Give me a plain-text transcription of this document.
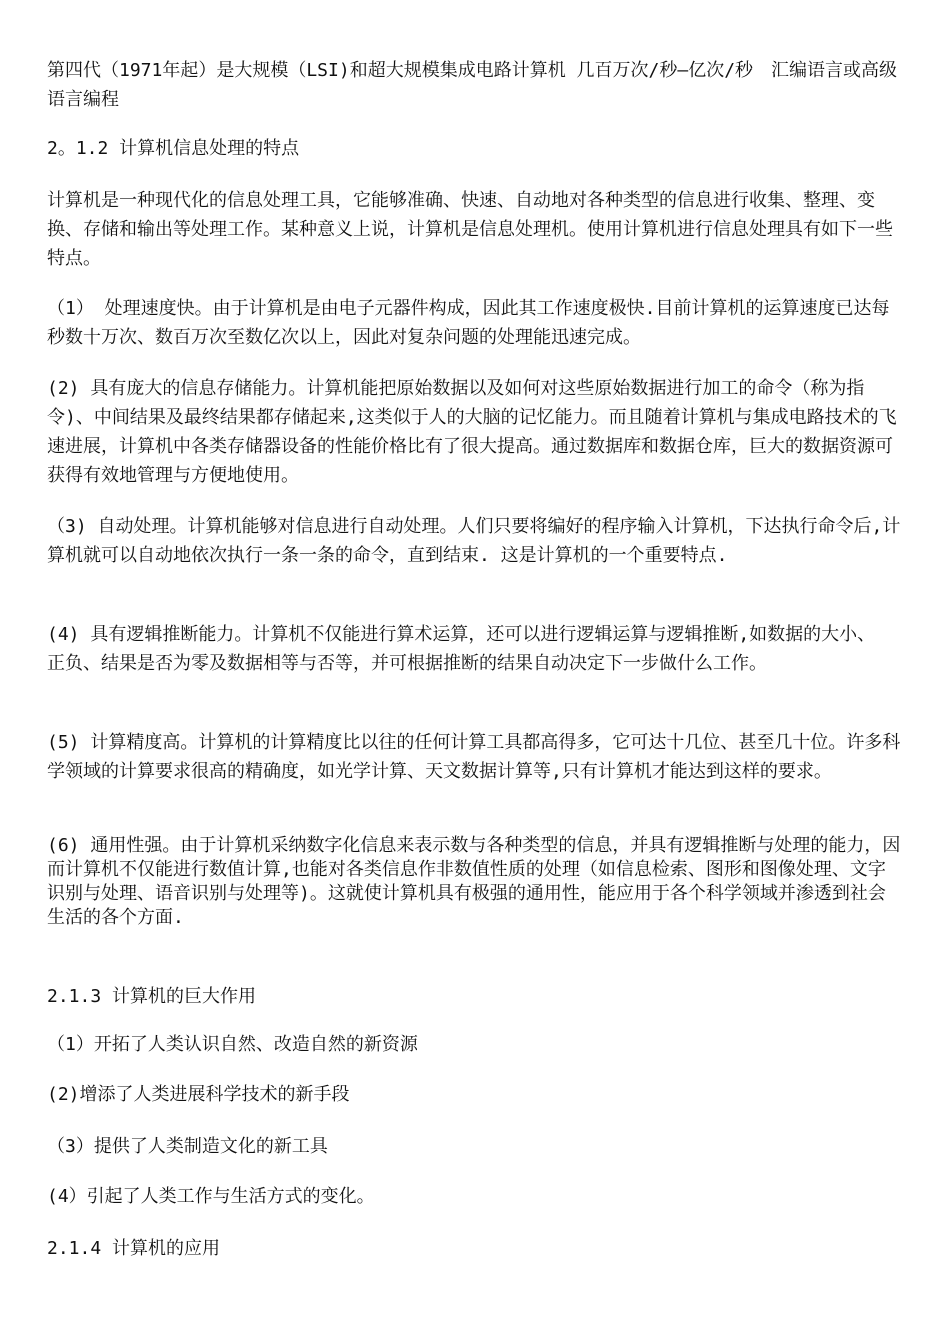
第四代（1971年起）是大规模（LSI)和超大规模集成电路计算机 几百万次/秒—亿次/秒　汇编语言或高级语言编程

2。1.2 计算机信息处理的特点

计算机是一种现代化的信息处理工具，它能够准确、快速、自动地对各种类型的信息进行收集、整理、变换、存储和输出等处理工作。某种意义上说，计算机是信息处理机。使用计算机进行信息处理具有如下一些特点。

（1） 处理速度快。由于计算机是由电子元器件构成，因此其工作速度极快.目前计算机的运算速度已达每秒数十万次、数百万次至数亿次以上，因此对复杂问题的处理能迅速完成。

(2) 具有庞大的信息存储能力。计算机能把原始数据以及如何对这些原始数据进行加工的命令（称为指令)、中间结果及最终结果都存储起来,这类似于人的大脑的记忆能力。而且随着计算机与集成电路技术的飞速进展，计算机中各类存储器设备的性能价格比有了很大提高。通过数据库和数据仓库，巨大的数据资源可获得有效地管理与方便地使用。

（3) 自动处理。计算机能够对信息进行自动处理。人们只要将编好的程序输入计算机，下达执行命令后,计算机就可以自动地依次执行一条一条的命令，直到结束. 这是计算机的一个重要特点.

(4) 具有逻辑推断能力。计算机不仅能进行算术运算，还可以进行逻辑运算与逻辑推断,如数据的大小、 正负、结果是否为零及数据相等与否等，并可根据推断的结果自动决定下一步做什么工作。

(5) 计算精度高。计算机的计算精度比以往的任何计算工具都高得多，它可达十几位、甚至几十位。许多科学领域的计算要求很高的精确度，如光学计算、天文数据计算等,只有计算机才能达到这样的要求。

(6) 通用性强。由于计算机采纳数字化信息来表示数与各种类型的信息，并具有逻辑推断与处理的能力，因而计算机不仅能进行数值计算,也能对各类信息作非数值性质的处理（如信息检索、图形和图像处理、文字识别与处理、语音识别与处理等)。这就使计算机具有极强的通用性，能应用于各个科学领域并渗透到社会生活的各个方面.

2.1.3 计算机的巨大作用

（1）开拓了人类认识自然、改造自然的新资源

(2)增添了人类进展科学技术的新手段

（3）提供了人类制造文化的新工具

(4）引起了人类工作与生活方式的变化。

2.1.4 计算机的应用
